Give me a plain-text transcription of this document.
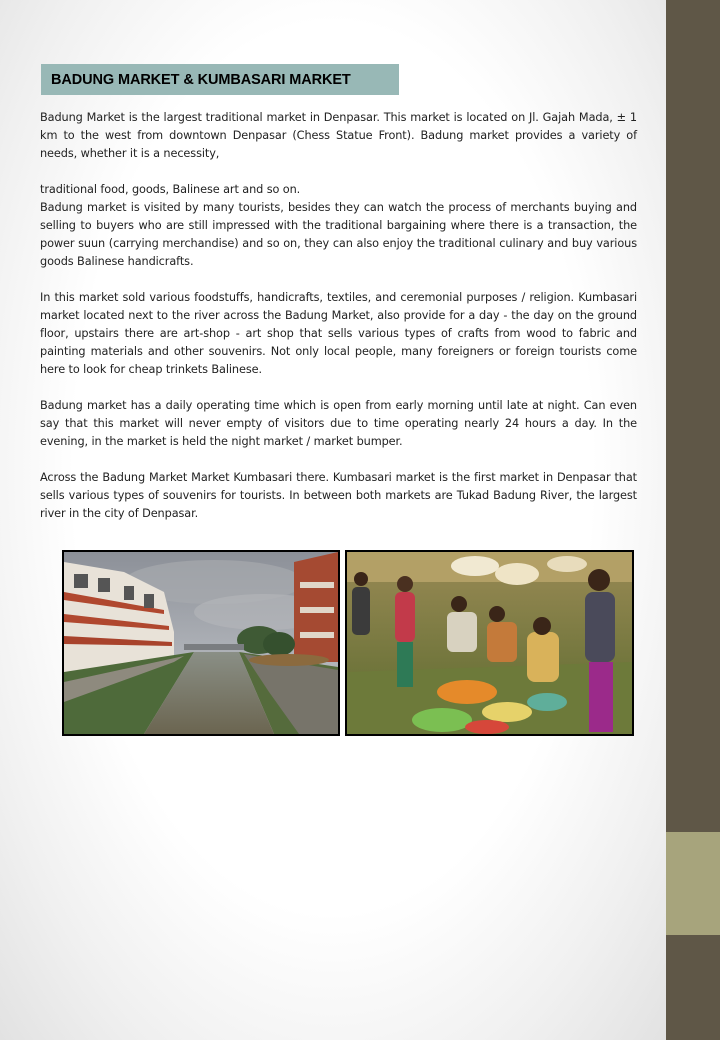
BADUNG MARKET & KUMBASARI MARKET

Badung Market is the largest traditional market in Denpasar. This market is located on Jl. Gajah Mada, ± 1 km to the west from downtown Denpasar (Chess Statue Front). Badung market provides a variety of needs, whether it is a necessity,

traditional food, goods, Balinese art and so on.

Badung market is visited by many tourists, besides they can watch the process of merchants buying and selling to buyers who are still impressed with the traditional bargaining where there is a transaction, the power suun (carrying merchandise) and so on, they can also enjoy the traditional culinary and buy various goods Balinese handicrafts.

In this market sold various foodstuffs, handicrafts, textiles, and ceremonial purposes / religion. Kumbasari market located next to the river across the Badung Market, also provide for a day - the day on the ground floor, upstairs there are art-shop - art shop that sells various types of crafts from wood to fabric and painting materials and other souvenirs. Not only local people, many foreigners or foreign tourists come here to look for cheap trinkets Balinese.

Badung market has a daily operating time which is open from early morning until late at night. Can even say that this market will never empty of visitors due to time operating nearly 24 hours a day. In the evening, in the market is held the night market / market bumper.

Across the Badung Market Market Kumbasari there. Kumbasari market is the first market in Denpasar that sells various types of souvenirs for tourists. In between both markets are Tukad Badung River, the largest river in the city of Denpasar.
